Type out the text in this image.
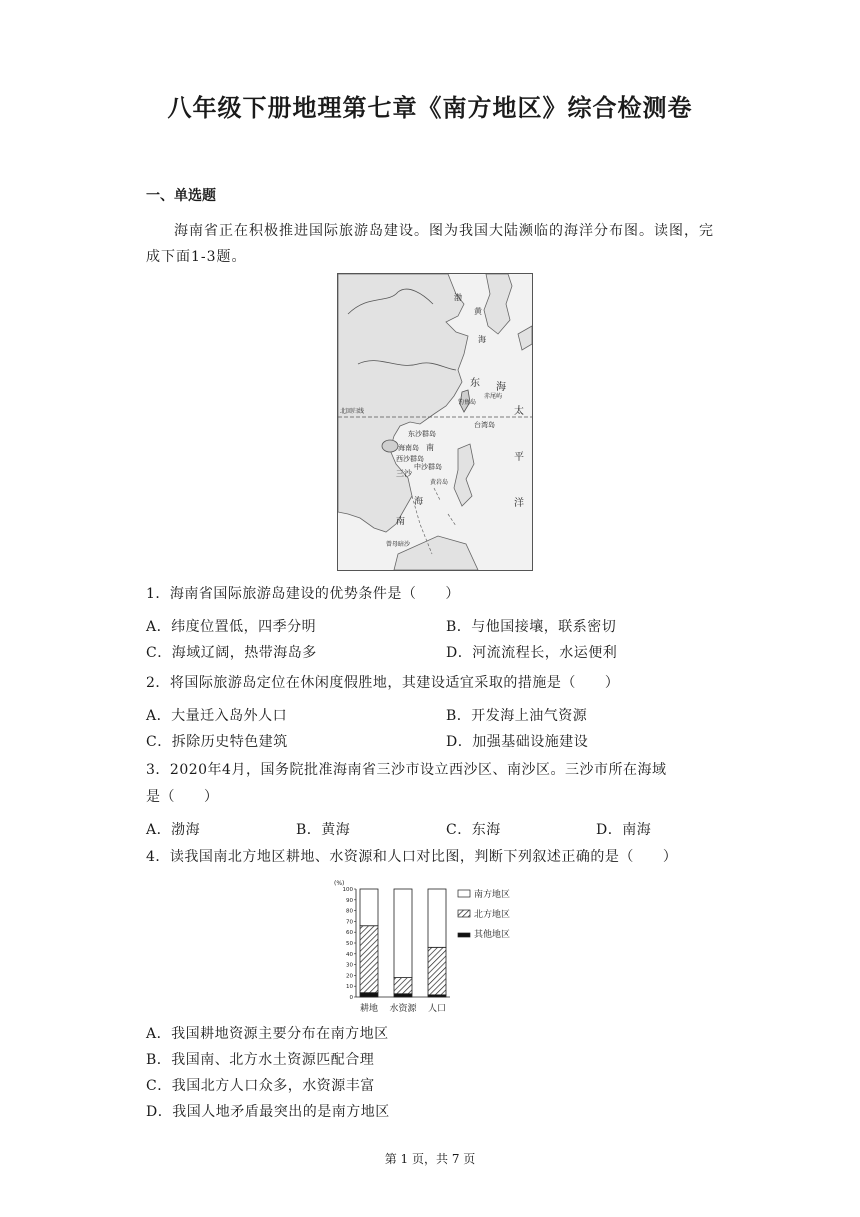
八年级下册地理第七章《南方地区》综合检测卷
一、单选题
海南省正在积极推进国际旅游岛建设。图为我国大陆濒临的海洋分布图。读图，完成下面1-3题。
渤
黄
海
东 海
钓鱼岛
赤尾屿
北回归线
东沙群岛
台湾岛
海南岛 南
西沙群岛
中沙群岛
三沙
黄岩岛
海
南
曾母暗沙
太
平
洋
1．海南省国际旅游岛建设的优势条件是（　　）
A．纬度位置低，四季分明	B．与他国接壤，联系密切
C．海域辽阔，热带海岛多	D．河流流程长，水运便利
2．将国际旅游岛定位在休闲度假胜地，其建设适宜采取的措施是（　　）
A．大量迁入岛外人口	B．开发海上油气资源
C．拆除历史特色建筑	D．加强基础设施建设
3．2020年4月，国务院批准海南省三沙市设立西沙区、南沙区。三沙市所在海域
是（　　）
A．渤海	B．黄海	C．东海	D．南海
4．读我国南北方地区耕地、水资源和人口对比图，判断下列叙述正确的是（　　）
(%)
0
10
20
30
40
50
60
70
80
90
100
耕地 水资源 人口
南方地区
北方地区
其他地区
A．我国耕地资源主要分布在南方地区
B．我国南、北方水土资源匹配合理
C．我国北方人口众多，水资源丰富
D．我国人地矛盾最突出的是南方地区
第 1 页，共 7 页
